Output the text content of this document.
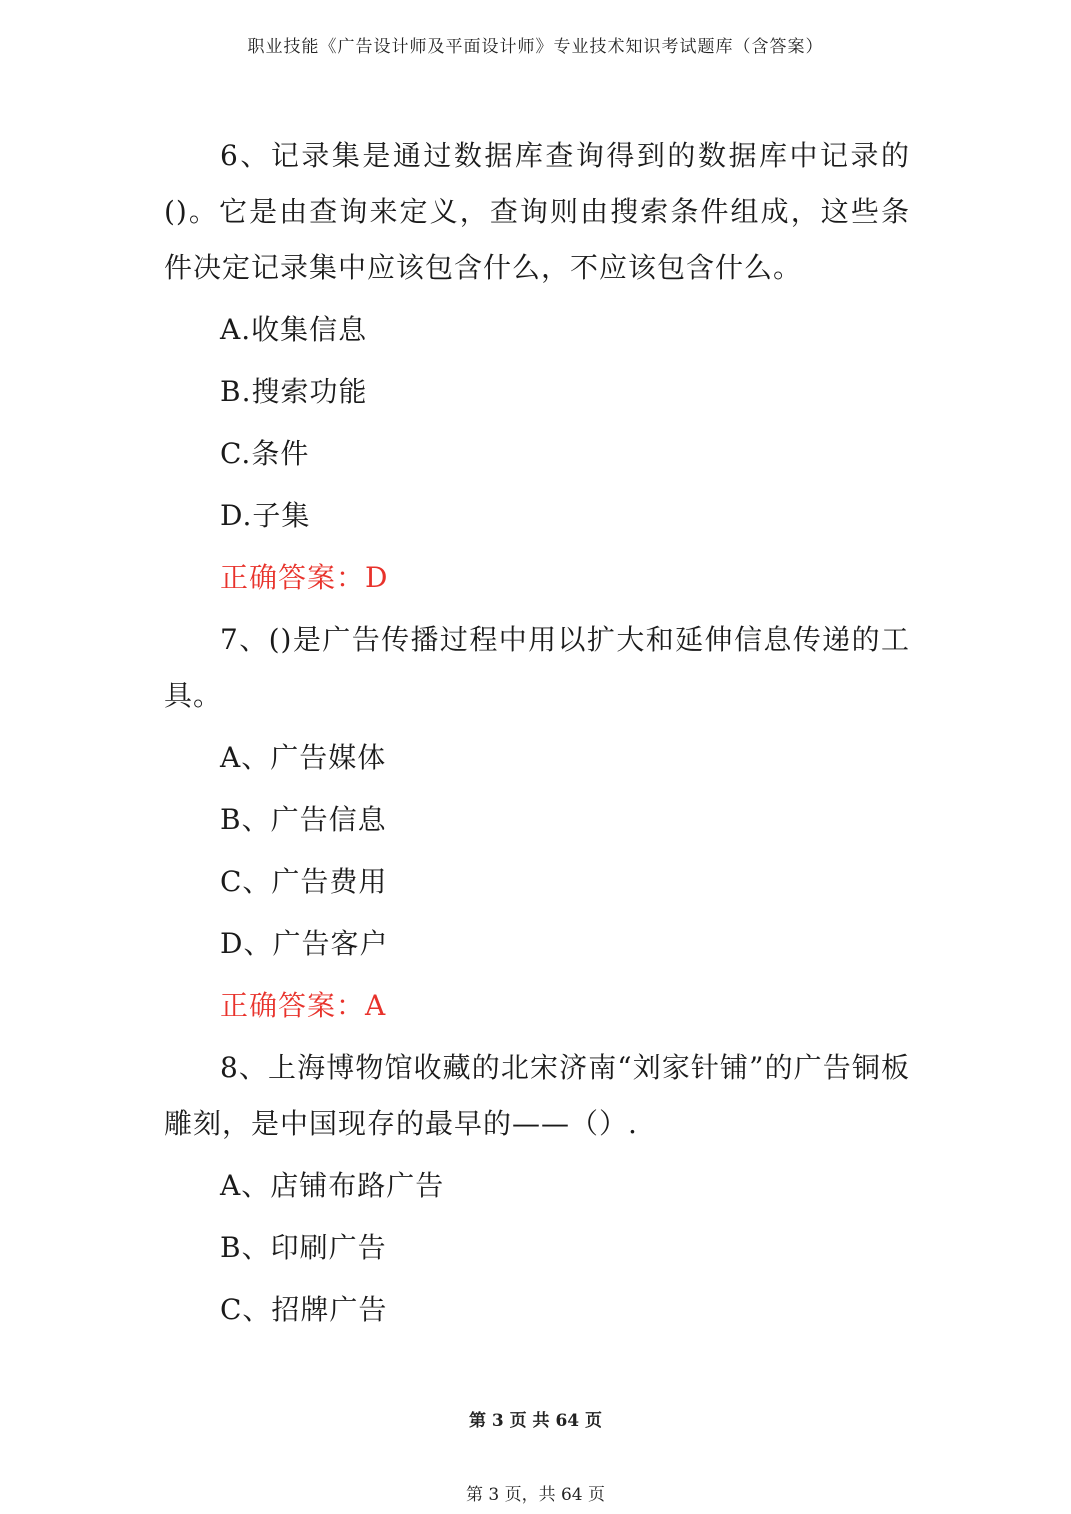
职业技能《广告设计师及平面设计师》专业技术知识考试题库（含答案）

6、记录集是通过数据库查询得到的数据库中记录的()。它是由查询来定义，查询则由搜索条件组成，这些条件决定记录集中应该包含什么，不应该包含什么。

A.收集信息

B.搜索功能

C.条件

D.子集

正确答案：D

7、()是广告传播过程中用以扩大和延伸信息传递的工具。

A、广告媒体

B、广告信息

C、广告费用

D、广告客户

正确答案：A

8、上海博物馆收藏的北宋济南“刘家针铺”的广告铜板雕刻，是中国现存的最早的——（）.

A、店铺布路广告

B、印刷广告

C、招牌广告

第 3 页 共 64 页
第 3 页，共 64 页
